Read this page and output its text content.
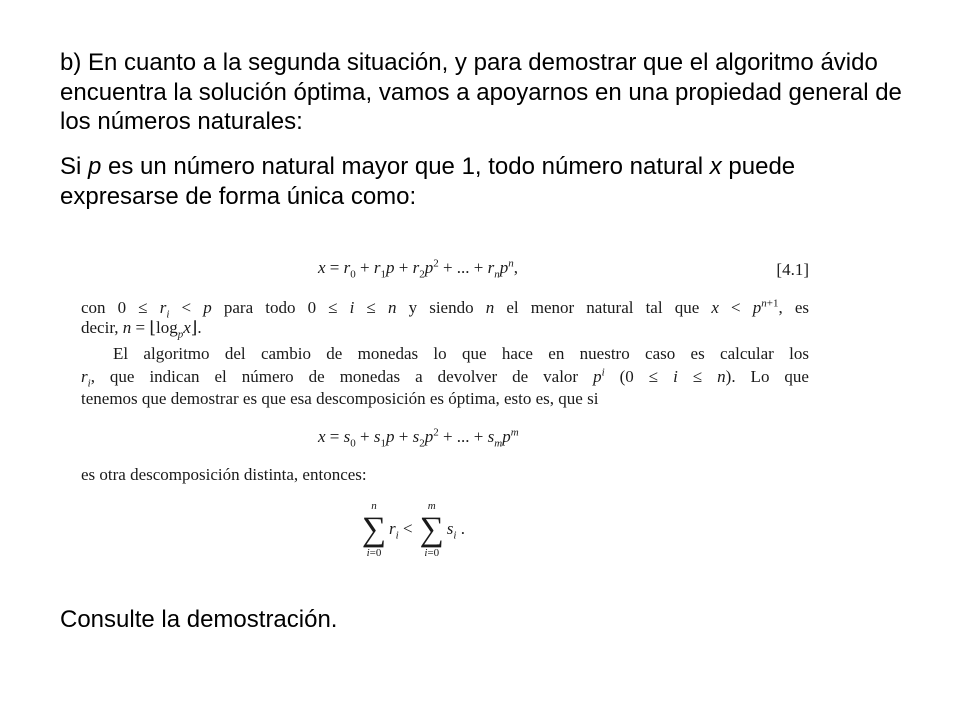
b) En cuanto a la segunda situación, y para demostrar que el algoritmo ávido encuentra la solución óptima, vamos a apoyarnos en una propiedad general de los números naturales:

Si p es un número natural mayor que 1, todo número natural x puede expresarse de forma única como:

$x = r_0 + r_1p + r_2p^2$ + ... + $r_np^n$,	[4.1]
con $0 \le r_i < p$ para todo 0 ≤ i ≤ n y siendo n el menor natural tal que $x < p^{n+1}$, es
decir, $n = ⌊\log_px⌋$.
El algoritmo del cambio de monedas lo que hace en nuestro caso es calcular los
$r_i$, que indican el número de monedas a devolver de valor $p^i$ (0 ≤ i ≤ n). Lo que
tenemos que demostrar es que esa descomposición es óptima, esto es, que si
$x = s_0 + s_1p + s_2p^2$ + ... + $s_mp^m$
es otra descomposición distinta, entonces:
n
∑
i=0
$r_i$ <
m
∑
i=0
$s_i$ .

Consulte la demostración.
